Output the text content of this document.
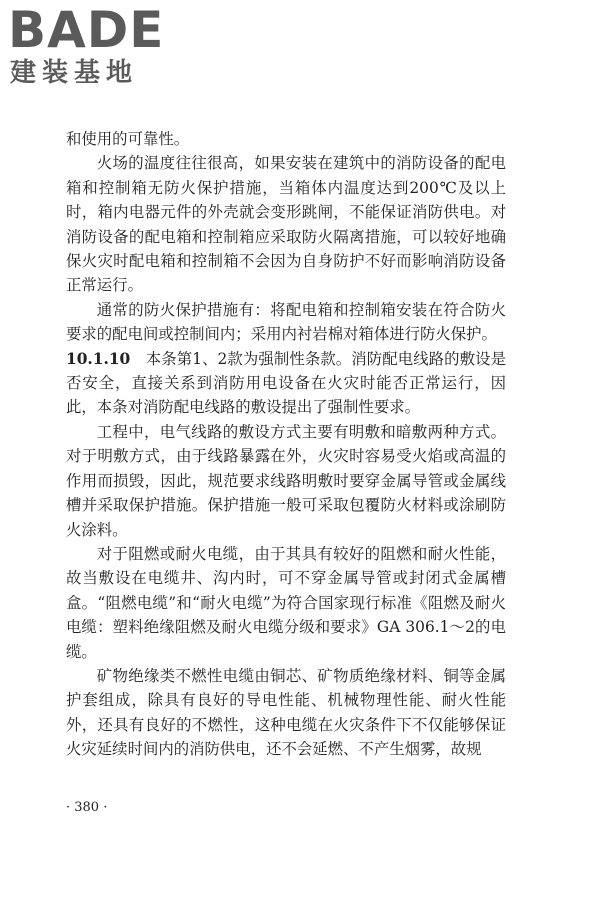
BADE
建装基地

和使用的可靠性。

火场的温度往往很高，如果安装在建筑中的消防设备的配电箱和控制箱无防火保护措施，当箱体内温度达到200℃及以上时，箱内电器元件的外壳就会变形跳闸，不能保证消防供电。对消防设备的配电箱和控制箱应采取防火隔离措施，可以较好地确保火灾时配电箱和控制箱不会因为自身防护不好而影响消防设备正常运行。

通常的防火保护措施有：将配电箱和控制箱安装在符合防火要求的配电间或控制间内；采用内衬岩棉对箱体进行防火保护。

10.1.10 本条第1、2款为强制性条款。消防配电线路的敷设是否安全，直接关系到消防用电设备在火灾时能否正常运行，因此，本条对消防配电线路的敷设提出了强制性要求。

工程中，电气线路的敷设方式主要有明敷和暗敷两种方式。对于明敷方式，由于线路暴露在外，火灾时容易受火焰或高温的作用而损毁，因此，规范要求线路明敷时要穿金属导管或金属线槽并采取保护措施。保护措施一般可采取包覆防火材料或涂刷防火涂料。

对于阻燃或耐火电缆，由于其具有较好的阻燃和耐火性能，故当敷设在电缆井、沟内时，可不穿金属导管或封闭式金属槽盒。“阻燃电缆”和“耐火电缆”为符合国家现行标准《阻燃及耐火电缆：塑料绝缘阻燃及耐火电缆分级和要求》GA 306.1～2的电缆。

矿物绝缘类不燃性电缆由铜芯、矿物质绝缘材料、铜等金属护套组成，除具有良好的导电性能、机械物理性能、耐火性能外，还具有良好的不燃性，这种电缆在火灾条件下不仅能够保证火灾延续时间内的消防供电，还不会延燃、不产生烟雾，故规

· 380 ·
